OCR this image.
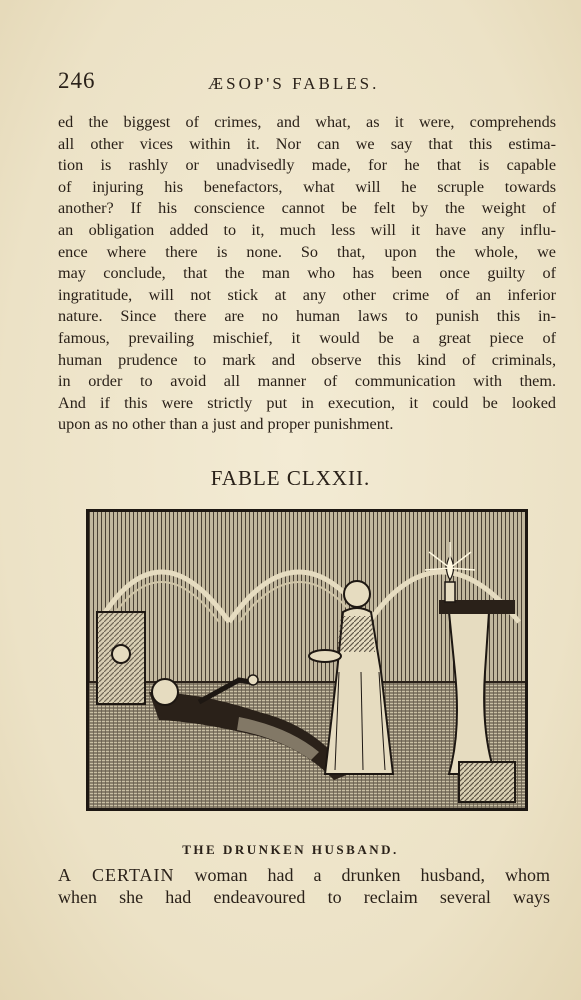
246	ÆSOP'S FABLES.
ed the biggest of crimes, and what, as it were, comprehends
all other vices within it. Nor can we say that this estima-
tion is rashly or unadvisedly made, for he that is capable
of injuring his benefactors, what will he scruple towards
another? If his conscience cannot be felt by the weight of
an obligation added to it, much less will it have any influ-
ence where there is none. So that, upon the whole, we
may conclude, that the man who has been once guilty of
ingratitude, will not stick at any other crime of an inferior
nature. Since there are no human laws to punish this in-
famous, prevailing mischief, it would be a great piece of
human prudence to mark and observe this kind of criminals,
in order to avoid all manner of communication with them.
And if this were strictly put in execution, it could be looked
upon as no other than a just and proper punishment.
FABLE CLXXII.
THE DRUNKEN HUSBAND.
A CERTAIN woman had a drunken husband, whom
when she had endeavoured to reclaim several ways
